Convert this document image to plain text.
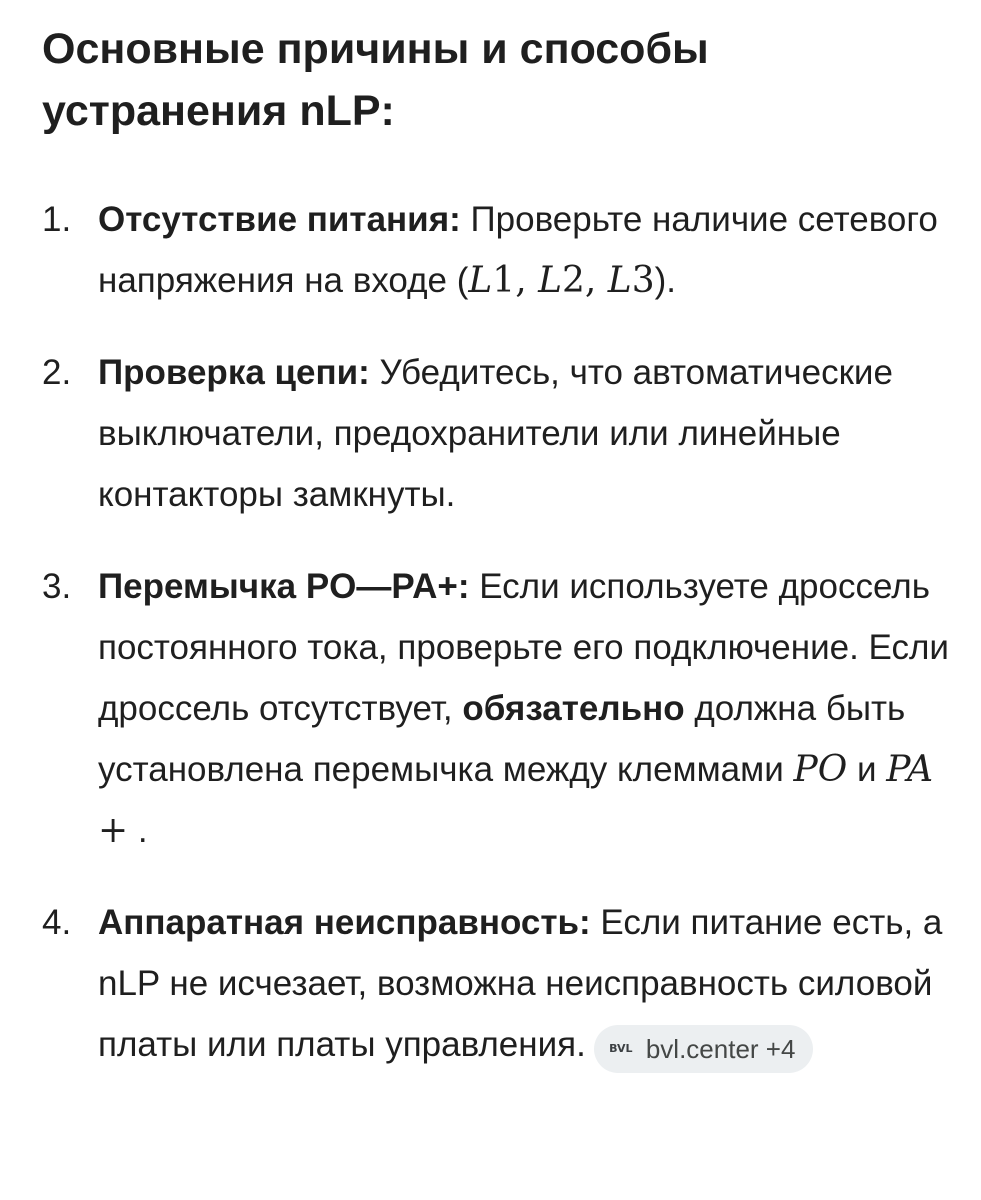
Основные причины и способы устранения nLP:
1. Отсутствие питания: Проверьте наличие сетевого напряжения на входе (L1, L2, L3).
2. Проверка цепи: Убедитесь, что автоматические выключатели, предохранители или линейные контакторы замкнуты.
3. Перемычка PO—PA+: Если используете дроссель постоянного тока, проверьте его подключение. Если дроссель отсутствует, обязательно должна быть установлена перемычка между клеммами PO и PA + .
4. Аппаратная неисправность: Если питание есть, а nLP не исчезает, возможна неисправность силовой платы или платы управления.	BVL bvl.center +4
